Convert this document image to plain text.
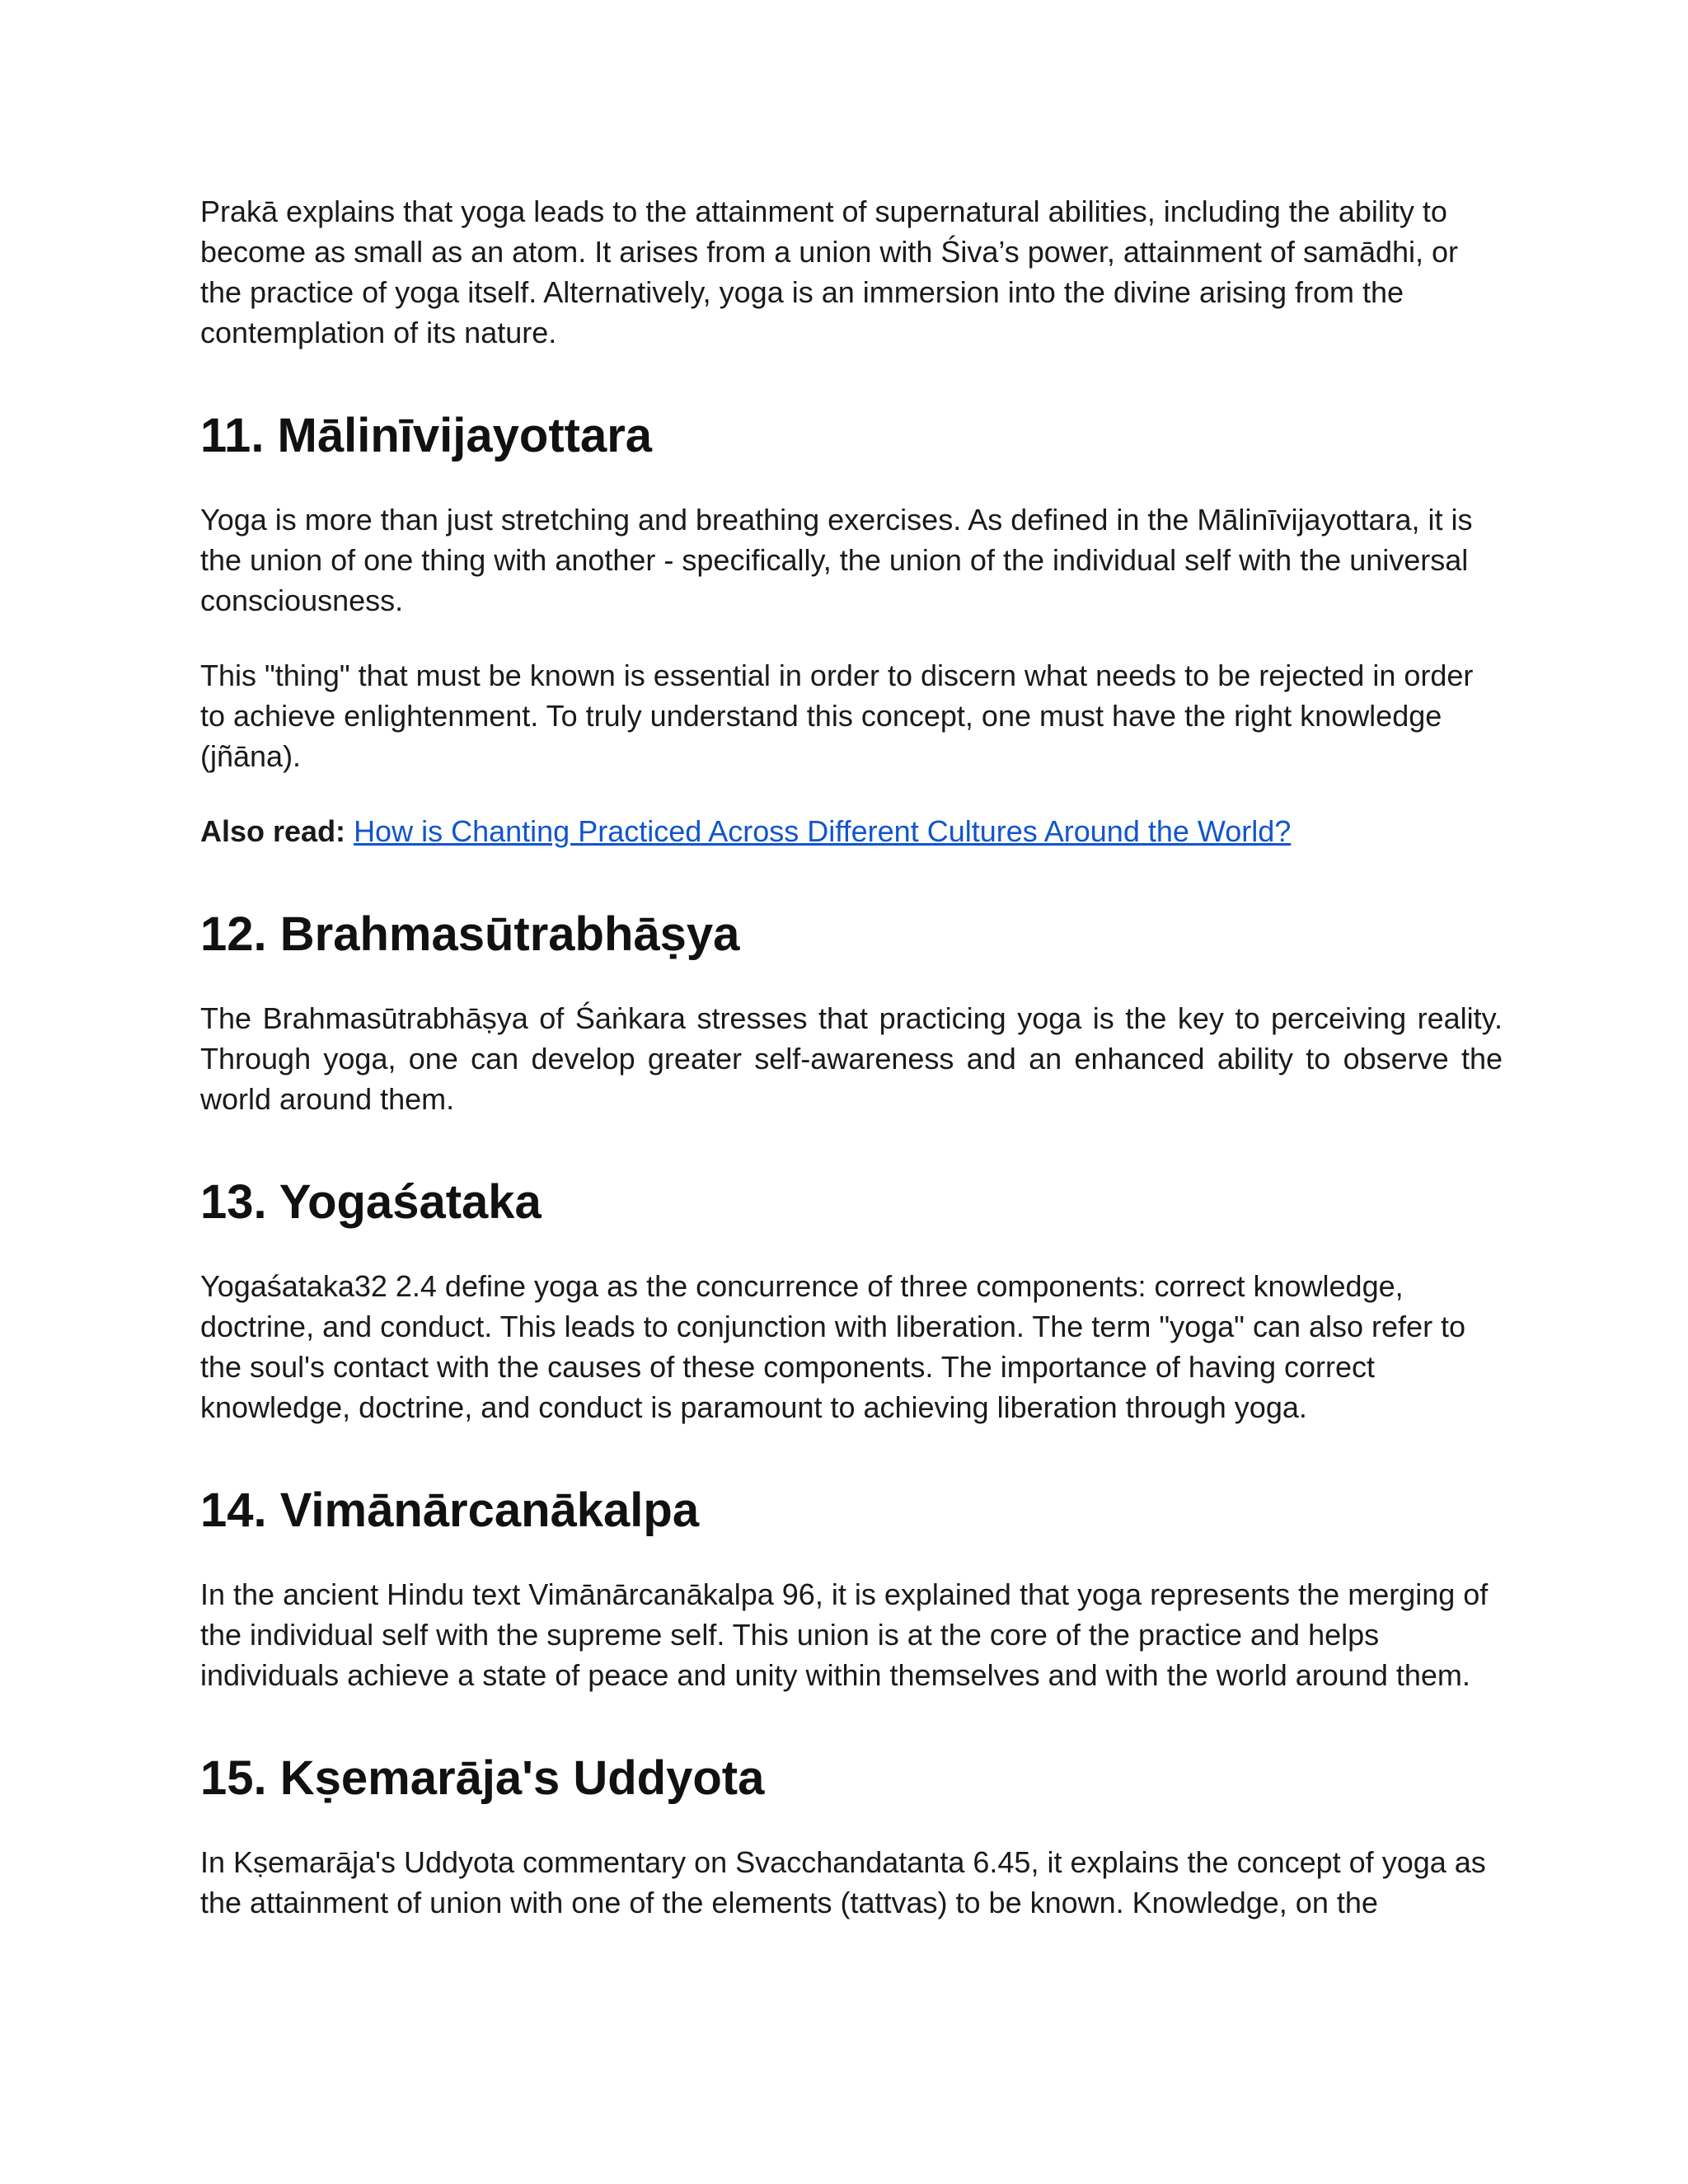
Prakā explains that yoga leads to the attainment of supernatural abilities, including the ability to become as small as an atom. It arises from a union with Śiva’s power, attainment of samādhi, or the practice of yoga itself. Alternatively, yoga is an immersion into the divine arising from the contemplation of its nature.

11. Mālinīvijayottara

Yoga is more than just stretching and breathing exercises. As defined in the Mālinīvijayottara, it is the union of one thing with another - specifically, the union of the individual self with the universal consciousness.

This "thing" that must be known is essential in order to discern what needs to be rejected in order to achieve enlightenment. To truly understand this concept, one must have the right knowledge (jñāna).

Also read: How is Chanting Practiced Across Different Cultures Around the World?

12. Brahmasūtrabhāṣya

The Brahmasūtrabhāṣya of Śaṅkara stresses that practicing yoga is the key to perceiving reality. Through yoga, one can develop greater self-awareness and an enhanced ability to observe the world around them.

13. Yogaśataka

Yogaśataka32 2.4 define yoga as the concurrence of three components: correct knowledge, doctrine, and conduct. This leads to conjunction with liberation. The term "yoga" can also refer to the soul's contact with the causes of these components. The importance of having correct knowledge, doctrine, and conduct is paramount to achieving liberation through yoga.

14. Vimānārcanākalpa

In the ancient Hindu text Vimānārcanākalpa 96, it is explained that yoga represents the merging of the individual self with the supreme self. This union is at the core of the practice and helps individuals achieve a state of peace and unity within themselves and with the world around them.

15. Kṣemarāja's Uddyota

In Kṣemarāja's Uddyota commentary on Svacchandatanta 6.45, it explains the concept of yoga as the attainment of union with one of the elements (tattvas) to be known. Knowledge, on the
